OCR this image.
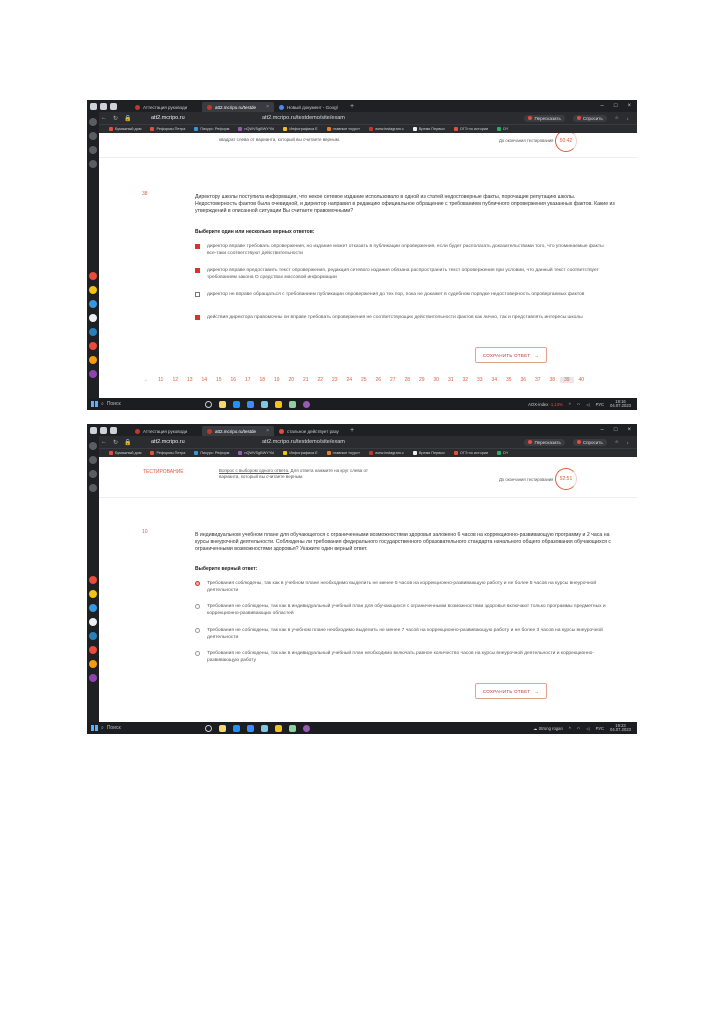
Аттестация руководи	att2.mcripo.ru/testde ×	Новый документ - Googl	+	– □ ×
← ↻ 🔒	att2.mcripo.ru	att2.mcripo.ru/testdemo/site/exam	Пересказать	Спросить	☆ ↓
Бумажный дом	Реформы Петра	Пикурс: Реформ	nQWVSgBWYYkI	Инфографика E	главные «курс»	www.instagram.c	Время Первых	ОГЭ по истории	DY
квадрат слева от варианта, который вы считаете верным.	До окончания тестирования	50:42
38	Директору школы поступила информация, что некое сетевое издание использовало в одной из статей недостоверные факты, порочащие репутацию школы. Недостоверность фактов была очевидной, и директор направил в редакцию официальное обращение с требованием публичного опровержения указанных фактов. Какие из утверждений в описанной ситуации Вы считаете правомочными?
Выберите один или несколько верных ответов:
директор вправе требовать опровержения, но издание может отказать в публикации опровержения, если будет располагать доказательствами того, что упоминаемые факты все-таки соответствуют действительности
директор вправе предоставить текст опровержения, редакция сетевого издания обязана распространить текст опровержения при условии, что данный текст соответствует требованиям закона О средствах массовой информации
директор не вправе обращаться с требованием публикации опровержения до тех пор, пока не докажет в судебном порядке недостоверность опровергаемых фактов
действия директора правомочны он вправе требовать опровержения не соответствующих действительности фактов как лично, так и представлять интересы школы
СОХРАНИТЬ ОТВЕТ →
←	11	12	13	14	15	16	17	18	19	20	21	22	23	24	25	26	27	28	29	30	31	32	33	34	35	36	37	38	39	40
⌕ Поиск	AOX-index -1,13% ^ ◠ ◁ РУС
19:16
04.07.2023
Аттестация руководи	att2.mcripo.ru/testde ×	стальное действует разу	+	– □ ×
← ↻ 🔒	att2.mcripo.ru	att2.mcripo.ru/testdemo/site/exam	Пересказать	Спросить	☆ ↓
Бумажный дом	Реформы Петра	Пикурс: Реформ	nQWVSgBWYYkI	Инфографика E	главные «курс»	www.instagram.c	Время Первых	ОГЭ по истории	DY
ТЕСТИРОВАНИЕ	Вопрос с выбором одного ответа. Для ответа нажмите на круг слева от варианта, который вы считаете верным.
До окончания тестирования	52:51
10	В индивидуальном учебном плане для обучающегося с ограниченными возможностями здоровья заложено 6 часов на коррекционно-развивающую программу и 2 часа на курсы внеурочной деятельности. Соблюдены ли требования федерального государственного образовательного стандарта начального общего образования обучающихся с ограниченными возможностями здоровья? Укажите один верный ответ.
Выберите верный ответ:
Требования соблюдены, так как в учебном плане необходимо выделить не менее 5 часов на коррекционно-развивающую работу и не более 5 часов на курсы внеурочной деятельности
Требования не соблюдены, так как в индивидуальный учебный план для обучающихся с ограниченными возможностями здоровья включают только программы предметных и коррекционно-развивающих областей
Требования не соблюдены, так как в учебном плане необходимо выделить не менее 7 часов на коррекционно-развивающую работу и не более 3 часов на курсы внеурочной деятельности
Требования не соблюдены, так как в индивидуальный учебный план необходимо включать равное количество часов на курсы внеурочной деятельности и коррекционно-развивающую работу
СОХРАНИТЬ ОТВЕТ →
⌕ Поиск	☁ Strong rogan ^ ◠ ◁ РУС
19:23
04.07.2023
